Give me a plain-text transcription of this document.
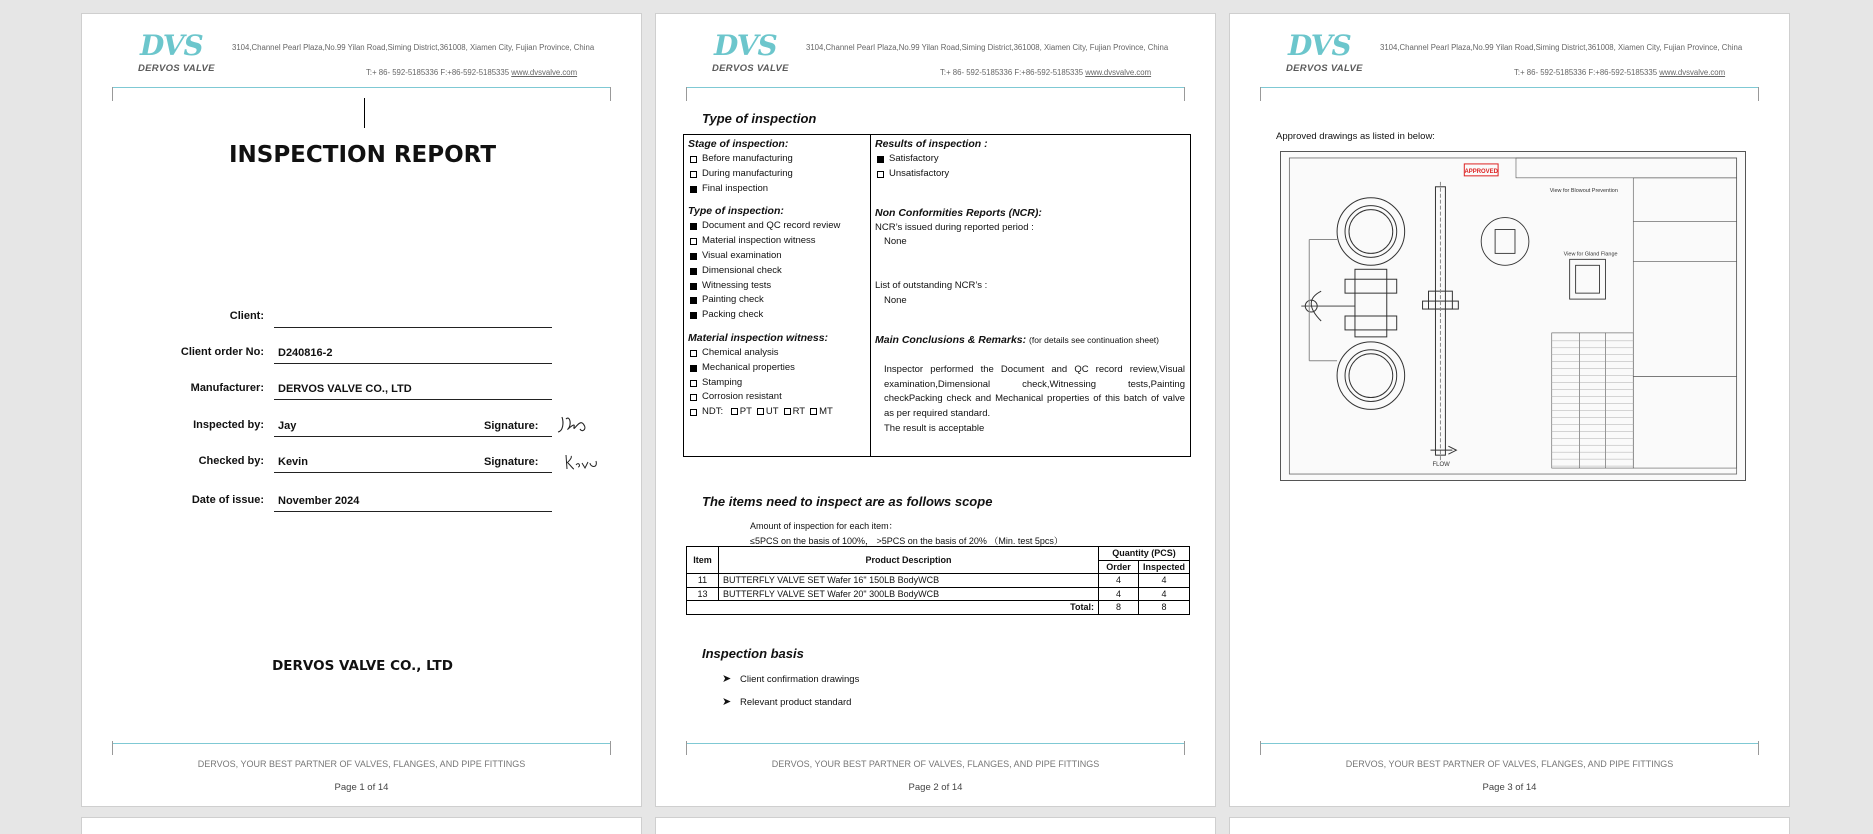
DVS
DERVOS VALVE
3104,Channel Pearl Plaza,No.99 Yilan Road,Siming District,361008, Xiamen City, Fujian Province, China
T:+ 86- 592-5185336 F:+86-592-5185335 www.dvsvalve.com
INSPECTION REPORT
Client:
Client order No:	D240816-2
Manufacturer:	DERVOS VALVE CO., LTD
Inspected by:	Jay	Signature:
Checked by:	Kevin	Signature:
Date of issue:	November 2024
DERVOS VALVE CO., LTD
DERVOS, YOUR BEST PARTNER OF VALVES, FLANGES, AND PIPE FITTINGS
Page 1 of 14
DVS
DERVOS VALVE
3104,Channel Pearl Plaza,No.99 Yilan Road,Siming District,361008, Xiamen City, Fujian Province, China
T:+ 86- 592-5185336 F:+86-592-5185335 www.dvsvalve.com
Type of inspection
Stage of inspection:
Before manufacturing
During manufacturing
Final inspection
Type of inspection:
Document and QC record review
Material inspection witness
Visual examination
Dimensional check
Witnessing tests
Painting check
Packing check
Material inspection witness:
Chemical analysis
Mechanical properties
Stamping
Corrosion resistant
NDT: PT UT RT MT
Results of inspection :
Satisfactory
Unsatisfactory
Non Conformities Reports (NCR):
NCR’s issued during reported period :
None
List of outstanding NCR’s :
None
Main Conclusions & Remarks: (for details see continuation sheet)
Inspector performed the Document and QC record review,Visual examination,Dimensional check,Witnessing tests,Painting checkPacking check and Mechanical properties of this batch of valve as per required standard.
The result is acceptable
The items need to inspect are as follows scope
Amount of inspection for each item：
≤5PCS on the basis of 100%， >5PCS on the basis of 20% （Min. test 5pcs）
Item	Product Description	Quantity (PCS)	
		Order	Inspected
11	BUTTERFLY VALVE SET Wafer 16" 150LB BodyWCB	4	4
13	BUTTERFLY VALVE SET Wafer 20" 300LB BodyWCB	4	4
Total:		8	8
Inspection basis
➤ Client confirmation drawings
➤ Relevant product standard
DERVOS, YOUR BEST PARTNER OF VALVES, FLANGES, AND PIPE FITTINGS
Page 2 of 14
DVS
DERVOS VALVE
3104,Channel Pearl Plaza,No.99 Yilan Road,Siming District,361008, Xiamen City, Fujian Province, China
T:+ 86- 592-5185336 F:+86-592-5185335 www.dvsvalve.com
Approved drawings as listed in below:
APPROVED
FLOW
View for Blowout Prevention
View for Gland Flange
DERVOS, YOUR BEST PARTNER OF VALVES, FLANGES, AND PIPE FITTINGS
Page 3 of 14
